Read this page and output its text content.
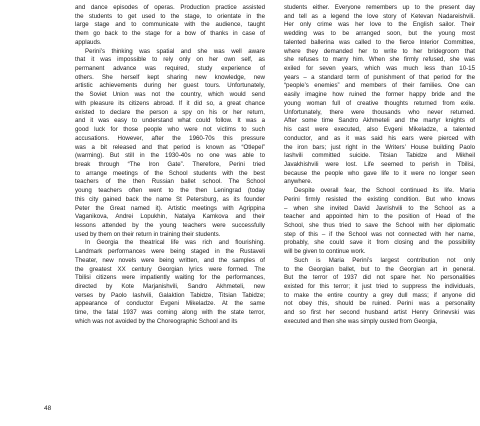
and dance episodes of operas. Production practice assisted
the students to get used to the stage, to orientate in the
large stage and to communicate with the audience, taught
them go back to the stage for a bow of thanks in case of
applauds.
Perini’s thinking was spatial and she was well aware
that it was impossible to rely only on her own self, as
permanent advance was required, study experience of
others. She herself kept sharing new knowledge, new
artistic achievements during her guest tours. Unfortunately,
the Soviet Union was not the country, which would send
with pleasure its citizens abroad. If it did so, a great chance
existed to declare the person a spy on his or her return,
and it was easy to understand what could follow. It was a
good luck for those people who were not victims to such
accusations. However, after the 1960-70s this pressure
was a bit released and that period is known as “Otlepel”
(warming). But still in the 1930-40s no one was able to
break through “The Iron Gate”. Therefore, Perini tried
to arrange meetings of the School students with the best
teachers of the then Russian ballet school. The School
young teachers often went to the then Leningrad (today
this city gained back the name St Petersburg, as its founder
Peter the Great named it). Artistic meetings with Agrippina
Vaganikova, Andrei Lopukhin, Natalya Kamkova and their
lessons attended by the young teachers were successfully
used by them on their return in training their students.
In Georgia the theatrical life was rich and flourishing.
Landmark performances were being staged in the Rustaveli
Theater, new novels were being written, and the samples of
the greatest XX century Georgian lyrics were formed. The
Tbilisi citizens were impatiently waiting for the performances,
directed by Kote Marjanishvili, Sandro Akhmeteli, new
verses by Paolo Iashvili, Galaktion Tabidze, Titsian Tabidze;
appearance of conductor Evgeni Mikeladze. At the same
time, the fatal 1937 was coming along with the state terror,
which was not avoided by the Choreographic School and its
students either. Everyone remembers up to the present day
and tell as a legend the love story of Ketevan Nadareishvili.
Her only crime was her love to the English sailor. Their
wedding was to be arranged soon, but the young most
talented ballerina was called to the fierce Interior Committee,
where they demanded her to write to her bridegroom that
she refuses to marry him. When she firmly refused, she was
exiled for seven years, which was much less than 10-15
years – a standard term of punishment of that period for the
“people’s enemies” and members of their families. One can
easily imagine how ruined the former happy bride and the
young woman full of creative thoughts returned from exile.
Unfortunately, there were thousands who never returned.
After some time Sandro Akhmeteli and the martyr knights of
his cast were executed, also Evgeni Mikeladze, a talented
conductor, and as it was said his ears were pierced with
the iron bars; just right in the Writers’ House building Paolo
Iashvili committed suicide. Titsian Tabidze and Mikheil
Javakhishvili were lost. Life seemed to perish in Tbilisi,
because the people who gave life to it were no longer seen
anywhere.
Despite overall fear, the School continued its life. Maria
Perini firmly resisted the existing condition. But who knows
– when she invited David Javrishvili to the School as a
teacher and appointed him to the position of Head of the
School, she thus tried to save the School with her diplomatic
step of this – if the School was not connected with her name,
probably, she could save it from closing and the possibility
will be given to continue work.
Such is Maria Perini’s largest contribution not only
to the Georgian ballet, but to the Georgian art in general.
But the terror of 1937 did not spare her. No personalities
existed for this terror; it just tried to suppress the individuals,
to make the entire country a grey dull mass; if anyone did
not obey this, should be ruined. Perini was a personality
and so first her second husband artist Henry Grinevski was
executed and then she was simply ousted from Georgia,
48
